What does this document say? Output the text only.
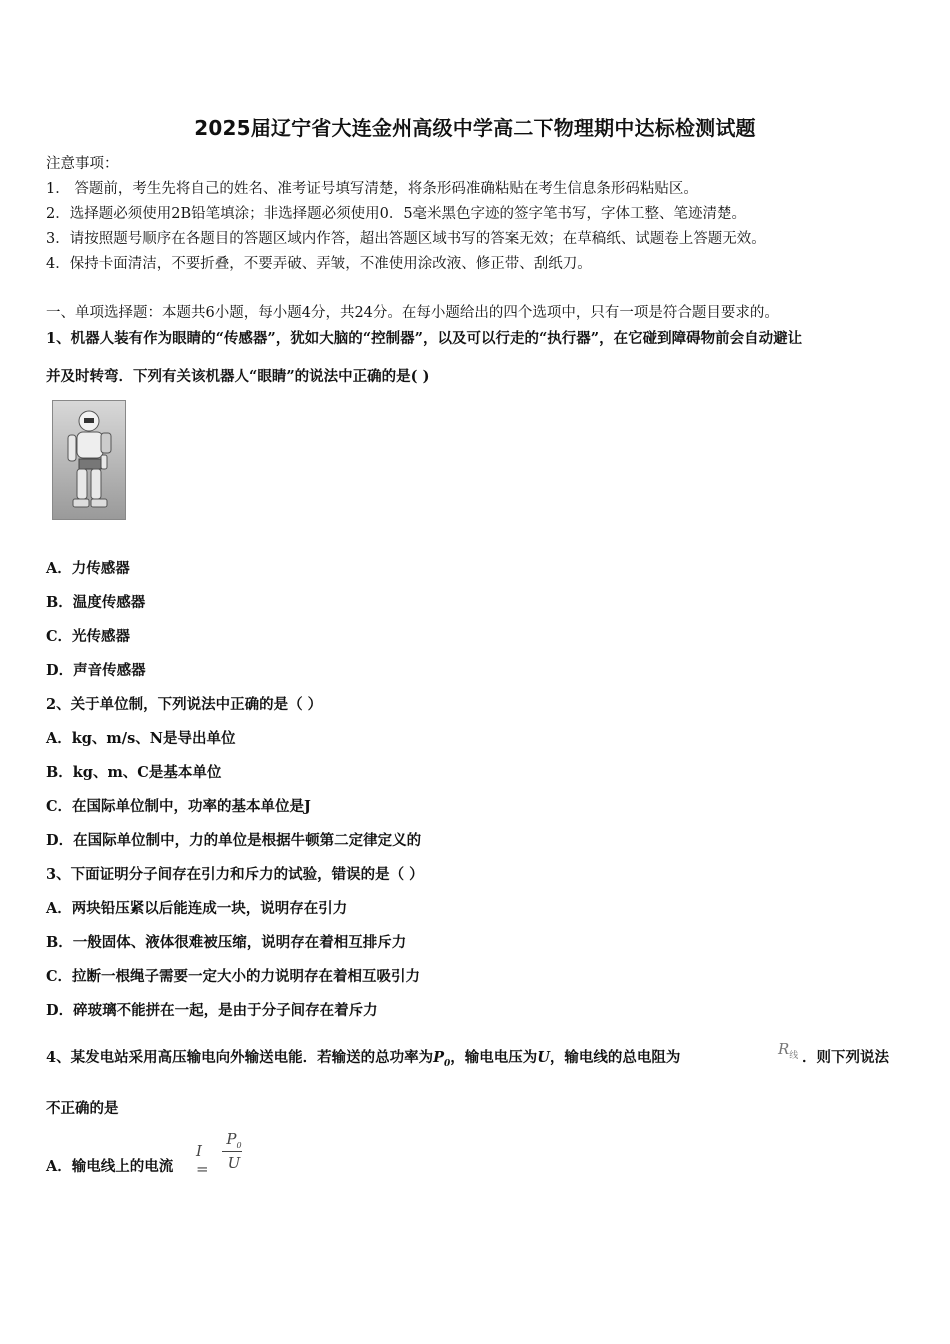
2025届辽宁省大连金州高级中学高二下物理期中达标检测试题
注意事项：
1． 答题前，考生先将自己的姓名、准考证号填写清楚，将条形码准确粘贴在考生信息条形码粘贴区。
2．选择题必须使用2B铅笔填涂；非选择题必须使用0．5毫米黑色字迹的签字笔书写，字体工整、笔迹清楚。
3．请按照题号顺序在各题目的答题区域内作答，超出答题区域书写的答案无效；在草稿纸、试题卷上答题无效。
4．保持卡面清洁，不要折叠，不要弄破、弄皱，不准使用涂改液、修正带、刮纸刀。
一、单项选择题：本题共6小题，每小题4分，共24分。在每小题给出的四个选项中，只有一项是符合题目要求的。
1、机器人装有作为眼睛的“传感器”，犹如大脑的“控制器”，以及可以行走的“执行器”，在它碰到障碍物前会自动避让
并及时转弯．下列有关该机器人“眼睛”的说法中正确的是( )
A．力传感器
B．温度传感器
C．光传感器
D．声音传感器
2、关于单位制，下列说法中正确的是（ ）
A．kg、m/s、N是导出单位
B．kg、m、C是基本单位
C．在国际单位制中，功率的基本单位是J
D．在国际单位制中，力的单位是根据牛顿第二定律定义的
3、下面证明分子间存在引力和斥力的试验，错误的是（ ）
A．两块铅压紧以后能连成一块，说明存在引力
B．一般固体、液体很难被压缩，说明存在着相互排斥力
C．拉断一根绳子需要一定大小的力说明存在着相互吸引力
D．碎玻璃不能拼在一起，是由于分子间存在着斥力
4、某发电站采用高压输电向外输送电能．若输送的总功率为$P_0$，输电电压为U，输电线的总电阻为	$R_线$ ．则下列说法
不正确的是
A．输电线上的电流
I =
$P_0$
U
